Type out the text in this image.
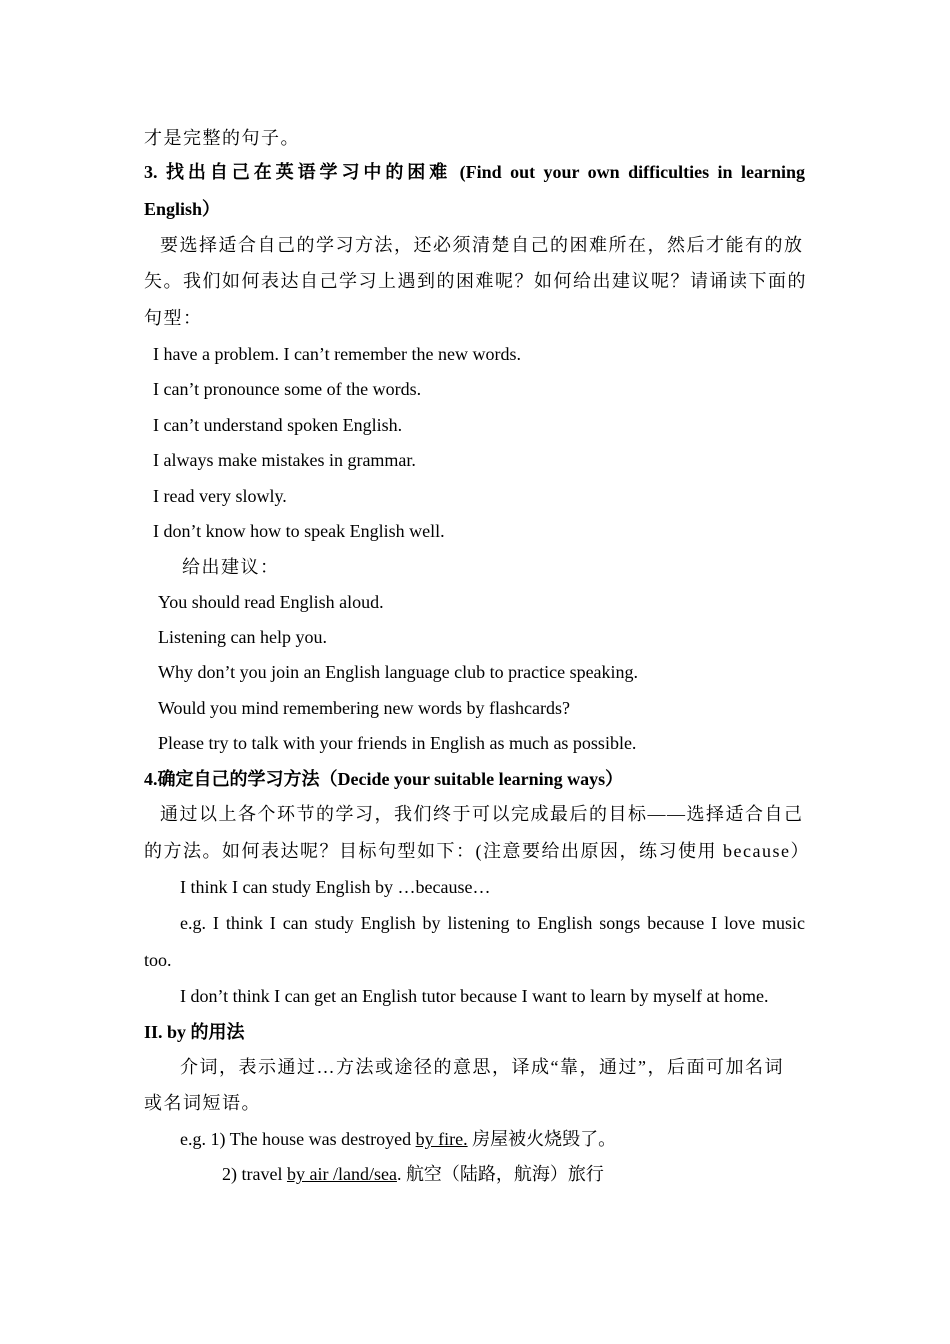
才是完整的句子。
3. 找出自己在英语学习中的困难 (Find out your own difficulties in learning
English）
要选择适合自己的学习方法，还必须清楚自己的困难所在，然后才能有的放
矢。我们如何表达自己学习上遇到的困难呢？如何给出建议呢？请诵读下面的
句型：
I have a problem. I can’t remember the new words.
I can’t pronounce some of the words.
I can’t understand spoken English.
I always make mistakes in grammar.
I read very slowly.
I don’t know how to speak English well.
给出建议：
You should read English aloud.
Listening can help you.
Why don’t you join an English language club to practice speaking.
Would you mind remembering new words by flashcards?
Please try to talk with your friends in English as much as possible.
4.确定自己的学习方法（Decide your suitable learning ways）
通过以上各个环节的学习，我们终于可以完成最后的目标——选择适合自己
的方法。如何表达呢？目标句型如下：(注意要给出原因，练习使用 because）
I think I can study English by …because…
e.g. I think I can study English by listening to English songs because I love music
too.
I don’t think I can get an English tutor because I want to learn by myself at home.
II. by 的用法
介词，表示通过…方法或途径的意思，译成“靠，通过”，后面可加名词
或名词短语。
e.g. 1) The house was destroyed by fire. 房屋被火烧毁了。
2) travel by air /land/sea. 航空（陆路，航海）旅行
